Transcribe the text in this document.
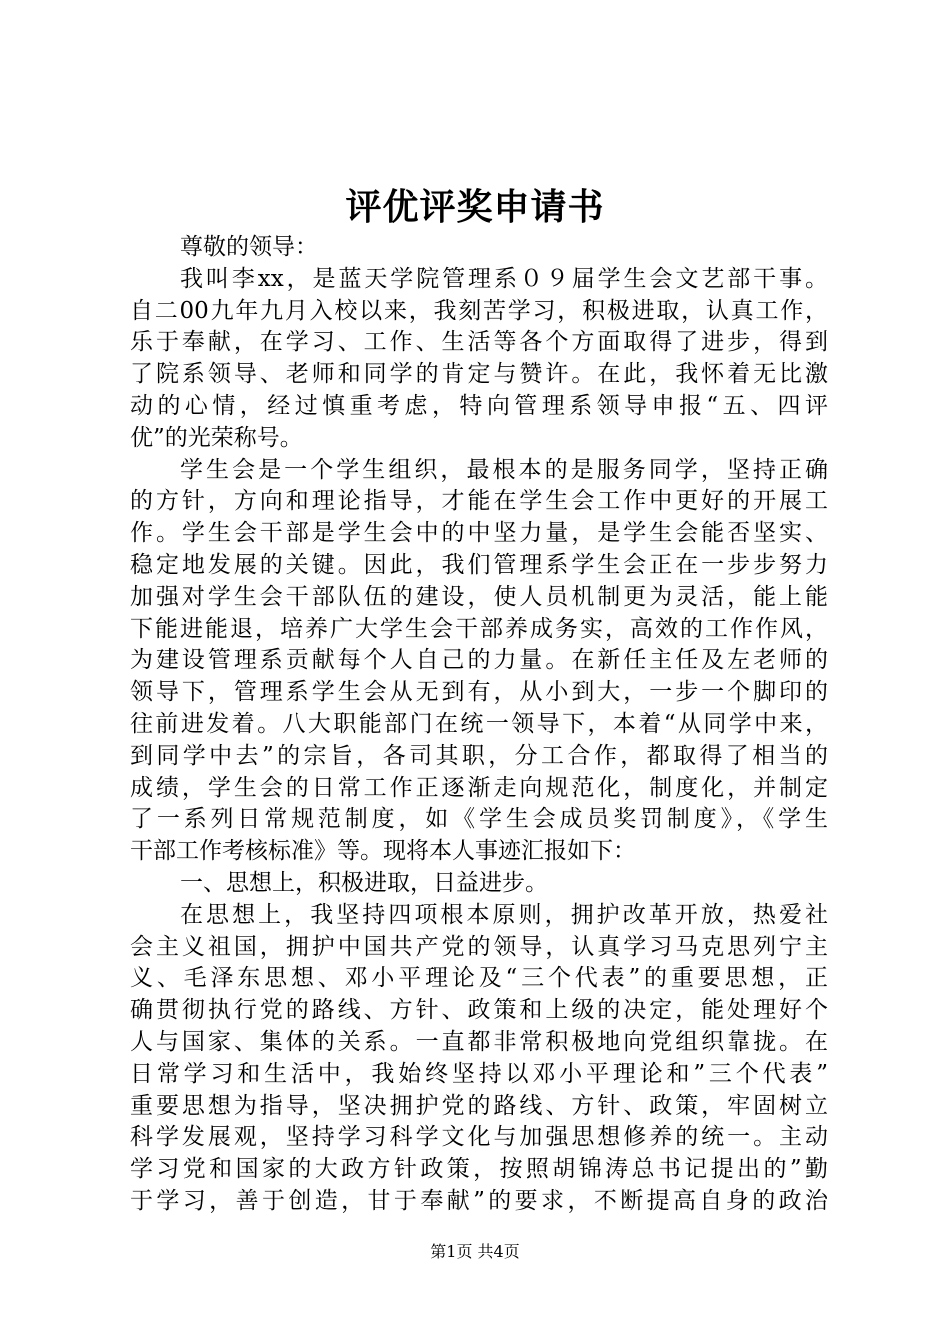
评优评奖申请书
尊敬的领导：
我叫李xx，是蓝天学院管理系０９届学生会文艺部干事。
自二00九年九月入校以来，我刻苦学习，积极进取，认真工作，
乐于奉献，在学习、工作、生活等各个方面取得了进步，得到
了院系领导、老师和同学的肯定与赞许。在此，我怀着无比激
动的心情，经过慎重考虑，特向管理系领导申报“五、四评
优”的光荣称号。
学生会是一个学生组织，最根本的是服务同学，坚持正确
的方针，方向和理论指导，才能在学生会工作中更好的开展工
作。学生会干部是学生会中的中坚力量，是学生会能否坚实、
稳定地发展的关键。因此，我们管理系学生会正在一步步努力
加强对学生会干部队伍的建设，使人员机制更为灵活，能上能
下能进能退，培养广大学生会干部养成务实，高效的工作作风，
为建设管理系贡献每个人自己的力量。在新任主任及左老师的
领导下，管理系学生会从无到有，从小到大，一步一个脚印的
往前进发着。八大职能部门在统一领导下，本着“从同学中来，
到同学中去”的宗旨，各司其职，分工合作，都取得了相当的
成绩，学生会的日常工作正逐渐走向规范化，制度化，并制定
了一系列日常规范制度，如《学生会成员奖罚制度》，《学生
干部工作考核标准》等。现将本人事迹汇报如下：
一、思想上，积极进取，日益进步。
在思想上，我坚持四项根本原则，拥护改革开放，热爱社
会主义祖国，拥护中国共产党的领导，认真学习马克思列宁主
义、毛泽东思想、邓小平理论及“三个代表”的重要思想，正
确贯彻执行党的路线、方针、政策和上级的决定，能处理好个
人与国家、集体的关系。一直都非常积极地向党组织靠拢。在
日常学习和生活中，我始终坚持以邓小平理论和”三个代表”
重要思想为指导，坚决拥护党的路线、方针、政策，牢固树立
科学发展观，坚持学习科学文化与加强思想修养的统一。主动
学习党和国家的大政方针政策，按照胡锦涛总书记提出的”勤
于学习，善于创造，甘于奉献”的要求，不断提高自身的政治
第1页 共4页
